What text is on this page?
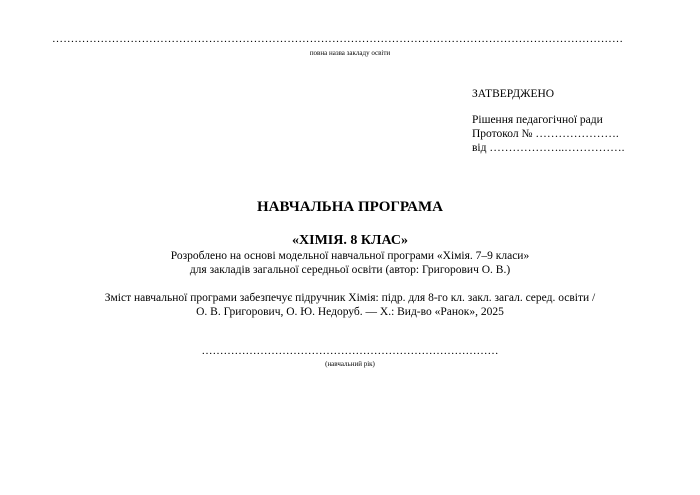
………………………………………………………………………………………………………………………………………
повна назва закладу освіти
ЗАТВЕРДЖЕНО
Рішення педагогічної ради
Протокол № ………………….
від ………………..…………….
НАВЧАЛЬНА ПРОГРАМА
«ХІМІЯ. 8 КЛАС»
Розроблено на основі модельної навчальної програми «Хімія. 7–9 класи»
для закладів загальної середньої освіти (автор: Григорович О. В.)
Зміст навчальної програми забезпечує підручник Хімія: підр. для 8-го кл. закл. загал. серед. освіти /
О. В. Григорович, О. Ю. Недоруб. — Х.: Вид-во «Ранок», 2025
………………………………………………………………………
(навчальний рік)
